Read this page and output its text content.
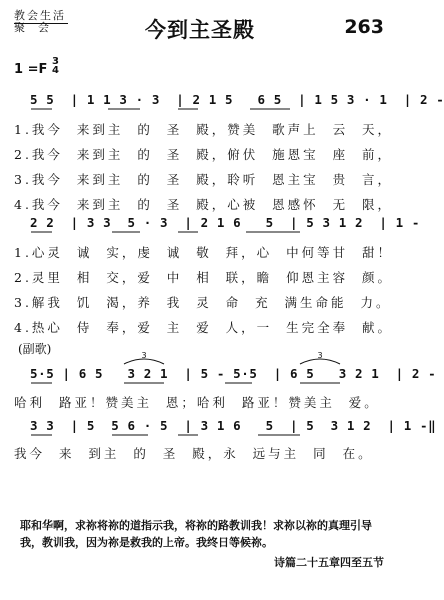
教会生活
聚  会	今到主圣殿	263
1 =F
3
4
5 5  | 1 1 3 · 3  | 2 1 5   6 5  | 1 5 3 · 1  | 2 -
1.我今  来到主  的  圣  殿，赞美  歌声上  云  天，
2.我今  来到主  的  圣  殿，俯伏  施恩宝  座  前，
3.我今  来到主  的  圣  殿，聆听  恩主宝  贵  言，
4.我今  来到主  的  圣  殿，心被  恩感怀  无  限，
2 2  | 3 3  5 · 3  | 2 1 6   5  | 5 3 1 2  | 1 -
1.心灵  诚  实，虔  诚  敬  拜，心  中何等甘  甜！
2.灵里  相  交，爱  中  相  联，瞻  仰恩主容  颜。
3.解我  饥  渴，养  我  灵  命  充  满生命能  力。
4.热心  侍  奉，爱  主  爱  人，一  生完全奉  献。
(副歌)
5·5 | 6 5   3 2 1  | 5 - 5·5  | 6 5   3 2 1  | 2 -
哈利  路亚！赞美主  恩；哈利  路亚！赞美主  爱。
3 3  | 5  5 6 · 5  | 3 1 6   5  | 5  3 1 2  | 1 -‖
我今  来  到主  的  圣  殿，永  远与主  同  在。
3	3
耶和华啊，求祢将祢的道指示我，将祢的路教训我！求祢以祢的真理引导我，教训我，因为祢是救我的上帝。我终日等候祢。
诗篇二十五章四至五节
